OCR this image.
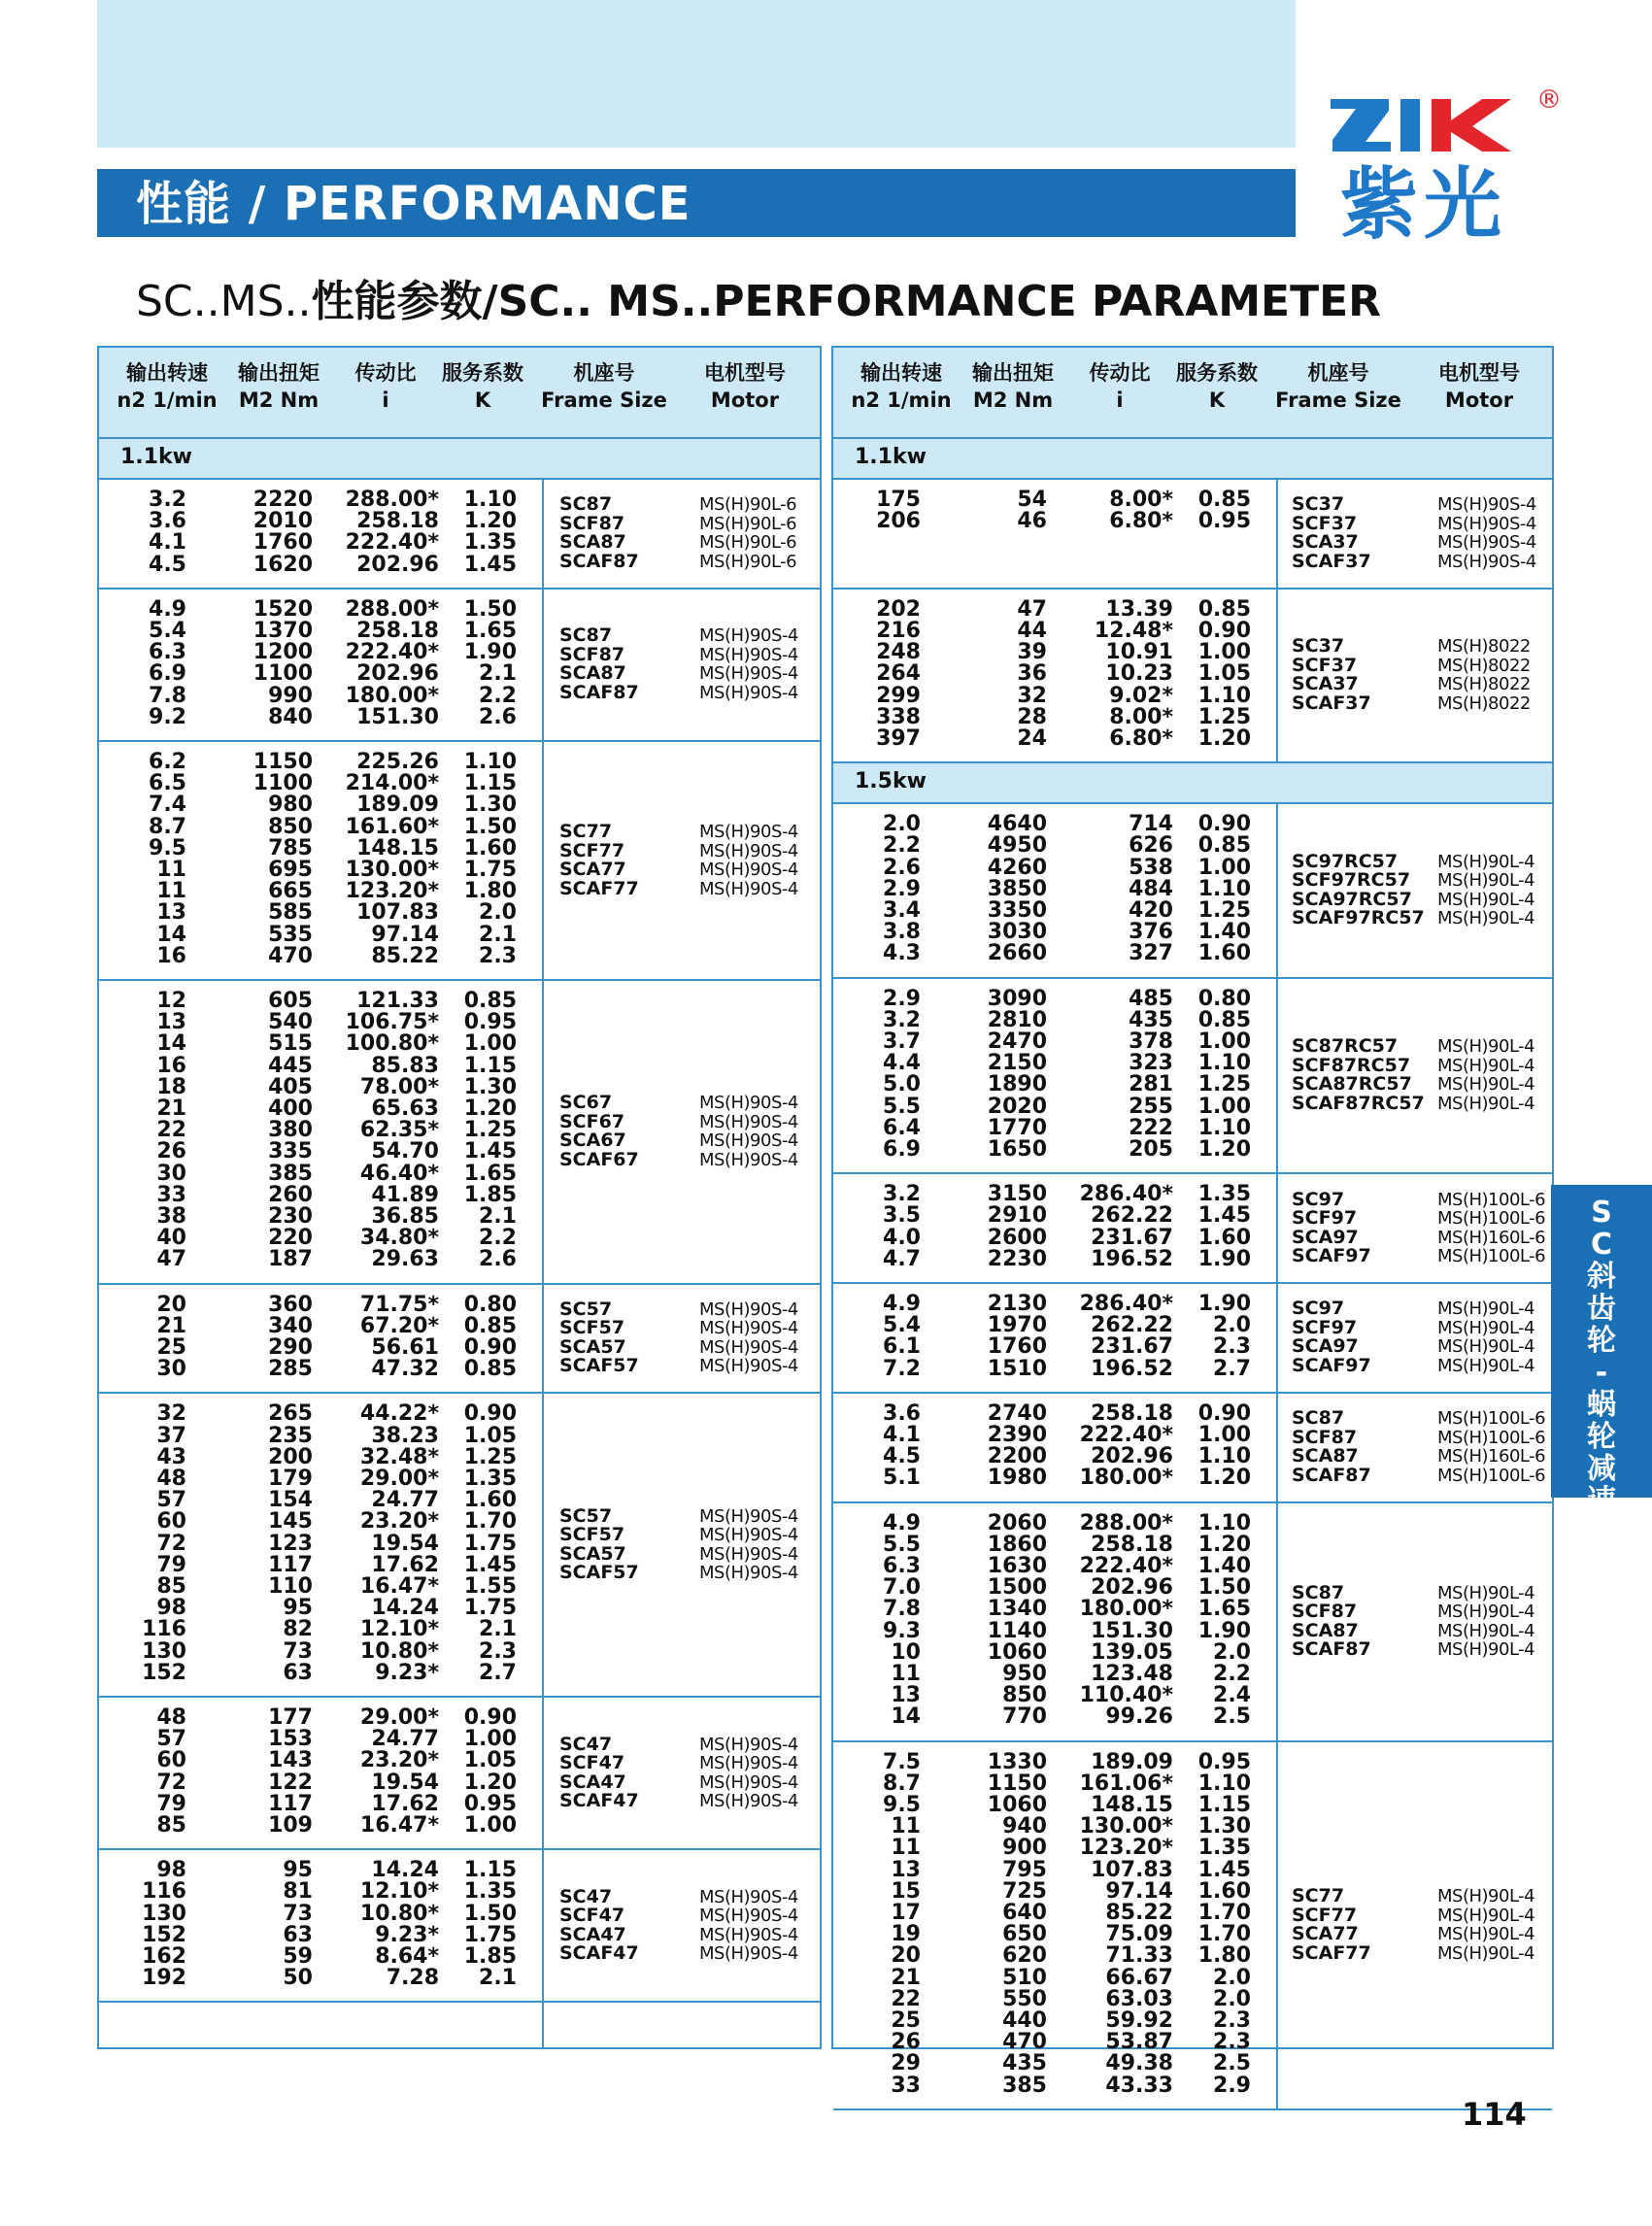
性能 / PERFORMANCE
®
紫光
SC..MS..性能参数/SC.. MS..PERFORMANCE PARAMETER
输出转速
n2 1/min
输出扭矩
M2 Nm
传动比
i
服务系数
K
机座号
Frame Size
电机型号
Motor
1.1kw
3.2
3.6
4.1
4.5
2220
2010
1760
1620
288.00*
258.18
222.40*
202.96
1.10
1.20
1.35
1.45
SC87
SCF87
SCA87
SCAF87
MS(H)90L-6
MS(H)90L-6
MS(H)90L-6
MS(H)90L-6
4.9
5.4
6.3
6.9
7.8
9.2
1520
1370
1200
1100
990
840
288.00*
258.18
222.40*
202.96
180.00*
151.30
1.50
1.65
1.90
2.1
2.2
2.6
SC87
SCF87
SCA87
SCAF87
MS(H)90S-4
MS(H)90S-4
MS(H)90S-4
MS(H)90S-4
6.2
6.5
7.4
8.7
9.5
11
11
13
14
16
1150
1100
980
850
785
695
665
585
535
470
225.26
214.00*
189.09
161.60*
148.15
130.00*
123.20*
107.83
97.14
85.22
1.10
1.15
1.30
1.50
1.60
1.75
1.80
2.0
2.1
2.3
SC77
SCF77
SCA77
SCAF77
MS(H)90S-4
MS(H)90S-4
MS(H)90S-4
MS(H)90S-4
12
13
14
16
18
21
22
26
30
33
38
40
47
605
540
515
445
405
400
380
335
385
260
230
220
187
121.33
106.75*
100.80*
85.83
78.00*
65.63
62.35*
54.70
46.40*
41.89
36.85
34.80*
29.63
0.85
0.95
1.00
1.15
1.30
1.20
1.25
1.45
1.65
1.85
2.1
2.2
2.6
SC67
SCF67
SCA67
SCAF67
MS(H)90S-4
MS(H)90S-4
MS(H)90S-4
MS(H)90S-4
20
21
25
30
360
340
290
285
71.75*
67.20*
56.61
47.32
0.80
0.85
0.90
0.85
SC57
SCF57
SCA57
SCAF57
MS(H)90S-4
MS(H)90S-4
MS(H)90S-4
MS(H)90S-4
32
37
43
48
57
60
72
79
85
98
116
130
152
265
235
200
179
154
145
123
117
110
95
82
73
63
44.22*
38.23
32.48*
29.00*
24.77
23.20*
19.54
17.62
16.47*
14.24
12.10*
10.80*
9.23*
0.90
1.05
1.25
1.35
1.60
1.70
1.75
1.45
1.55
1.75
2.1
2.3
2.7
SC57
SCF57
SCA57
SCAF57
MS(H)90S-4
MS(H)90S-4
MS(H)90S-4
MS(H)90S-4
48
57
60
72
79
85
177
153
143
122
117
109
29.00*
24.77
23.20*
19.54
17.62
16.47*
0.90
1.00
1.05
1.20
0.95
1.00
SC47
SCF47
SCA47
SCAF47
MS(H)90S-4
MS(H)90S-4
MS(H)90S-4
MS(H)90S-4
98
116
130
152
162
192
95
81
73
63
59
50
14.24
12.10*
10.80*
9.23*
8.64*
7.28
1.15
1.35
1.50
1.75
1.85
2.1
SC47
SCF47
SCA47
SCAF47
MS(H)90S-4
MS(H)90S-4
MS(H)90S-4
MS(H)90S-4
输出转速
n2 1/min
输出扭矩
M2 Nm
传动比
i
服务系数
K
机座号
Frame Size
电机型号
Motor
1.1kw
175
206
54
46
8.00*
6.80*
0.85
0.95
SC37
SCF37
SCA37
SCAF37
MS(H)90S-4
MS(H)90S-4
MS(H)90S-4
MS(H)90S-4
202
216
248
264
299
338
397
47
44
39
36
32
28
24
13.39
12.48*
10.91
10.23
9.02*
8.00*
6.80*
0.85
0.90
1.00
1.05
1.10
1.25
1.20
SC37
SCF37
SCA37
SCAF37
MS(H)8022
MS(H)8022
MS(H)8022
MS(H)8022
1.5kw
2.0
2.2
2.6
2.9
3.4
3.8
4.3
4640
4950
4260
3850
3350
3030
2660
714
626
538
484
420
376
327
0.90
0.85
1.00
1.10
1.25
1.40
1.60
SC97RC57
SCF97RC57
SCA97RC57
SCAF97RC57
MS(H)90L-4
MS(H)90L-4
MS(H)90L-4
MS(H)90L-4
2.9
3.2
3.7
4.4
5.0
5.5
6.4
6.9
3090
2810
2470
2150
1890
2020
1770
1650
485
435
378
323
281
255
222
205
0.80
0.85
1.00
1.10
1.25
1.00
1.10
1.20
SC87RC57
SCF87RC57
SCA87RC57
SCAF87RC57
MS(H)90L-4
MS(H)90L-4
MS(H)90L-4
MS(H)90L-4
3.2
3.5
4.0
4.7
3150
2910
2600
2230
286.40*
262.22
231.67
196.52
1.35
1.45
1.60
1.90
SC97
SCF97
SCA97
SCAF97
MS(H)100L-6
MS(H)100L-6
MS(H)160L-6
MS(H)100L-6
4.9
5.4
6.1
7.2
2130
1970
1760
1510
286.40*
262.22
231.67
196.52
1.90
2.0
2.3
2.7
SC97
SCF97
SCA97
SCAF97
MS(H)90L-4
MS(H)90L-4
MS(H)90L-4
MS(H)90L-4
3.6
4.1
4.5
5.1
2740
2390
2200
1980
258.18
222.40*
202.96
180.00*
0.90
1.00
1.10
1.20
SC87
SCF87
SCA87
SCAF87
MS(H)100L-6
MS(H)100L-6
MS(H)160L-6
MS(H)100L-6
4.9
5.5
6.3
7.0
7.8
9.3
10
11
13
14
2060
1860
1630
1500
1340
1140
1060
950
850
770
288.00*
258.18
222.40*
202.96
180.00*
151.30
139.05
123.48
110.40*
99.26
1.10
1.20
1.40
1.50
1.65
1.90
2.0
2.2
2.4
2.5
SC87
SCF87
SCA87
SCAF87
MS(H)90L-4
MS(H)90L-4
MS(H)90L-4
MS(H)90L-4
7.5
8.7
9.5
11
11
13
15
17
19
20
21
22
25
26
29
33
1330
1150
1060
940
900
795
725
640
650
620
510
550
440
470
435
385
189.09
161.06*
148.15
130.00*
123.20*
107.83
97.14
85.22
75.09
71.33
66.67
63.03
59.92
53.87
49.38
43.33
0.95
1.10
1.15
1.30
1.35
1.45
1.60
1.70
1.70
1.80
2.0
2.0
2.3
2.3
2.5
2.9
SC77
SCF77
SCA77
SCAF77
MS(H)90L-4
MS(H)90L-4
MS(H)90L-4
MS(H)90L-4
S
C
斜
齿
轮
-
蜗
轮
减
速
机
114
